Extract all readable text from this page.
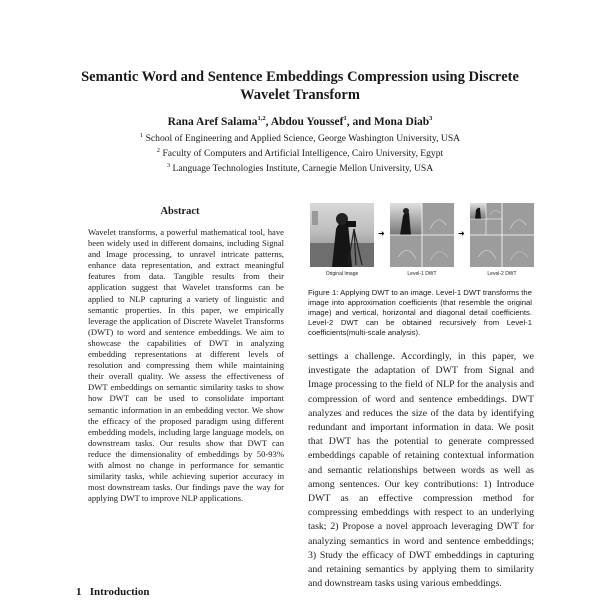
Semantic Word and Sentence Embeddings Compression using Discrete Wavelet Transform
Rana Aref Salama$^{1,2}$, Abdou Youssef$^1$, and Mona Diab$^3$
$^1$ School of Engineering and Applied Science, George Washington University, USA
$^2$ Faculty of Computers and Artificial Intelligence, Cairo University, Egypt
$^3$ Language Technologies Institute, Carnegie Mellon University, USA
Abstract
Wavelet transforms, a powerful mathematical tool, have been widely used in different domains, including Signal and Image processing, to unravel intricate patterns, enhance data representation, and extract meaningful features from data. Tangible results from their application suggest that Wavelet transforms can be applied to NLP capturing a variety of linguistic and semantic properties. In this paper, we empirically leverage the application of Discrete Wavelet Transforms (DWT) to word and sentence embeddings. We aim to showcase the capabilities of DWT in analyzing embedding representations at different levels of resolution and compressing them while maintaining their overall quality. We assess the effectiveness of DWT embeddings on semantic similarity tasks to show how DWT can be used to consolidate important semantic information in an embedding vector. We show the efficacy of the proposed paradigm using different embedding models, including large language models, on downstream tasks. Our results show that DWT can reduce the dimensionality of embeddings by 50-93% with almost no change in performance for semantic similarity tasks, while achieving superior accuracy in most downstream tasks. Our findings pave the way for applying DWT to improve NLP applications.
1 Introduction
➜	➜
Original Image	Level-1 DWT	Level-2 DWT
Figure 1: Applying DWT to an image. Level-1 DWT transforms the image into approximation coefficients (that resemble the original image) and vertical, horizontal and diagonal detail coefficients. Level-2 DWT can be obtained recursively from Level-1 coefficients(multi-scale analysis).
settings a challenge. Accordingly, in this paper, we investigate the adaptation of DWT from Signal and Image processing to the field of NLP for the analysis and compression of word and sentence embeddings. DWT analyzes and reduces the size of the data by identifying redundant and important information in data. We posit that DWT has the potential to generate compressed embeddings capable of retaining contextual information and semantic relationships between words as well as among sentences. Our key contributions: 1) Introduce DWT as an effective compression method for compressing embeddings with respect to an underlying task; 2) Propose a novel approach leveraging DWT for analyzing semantics in word and sentence embeddings; 3) Study the efficacy of DWT embeddings in capturing and retaining semantics by applying them to similarity and downstream tasks using various embeddings.
